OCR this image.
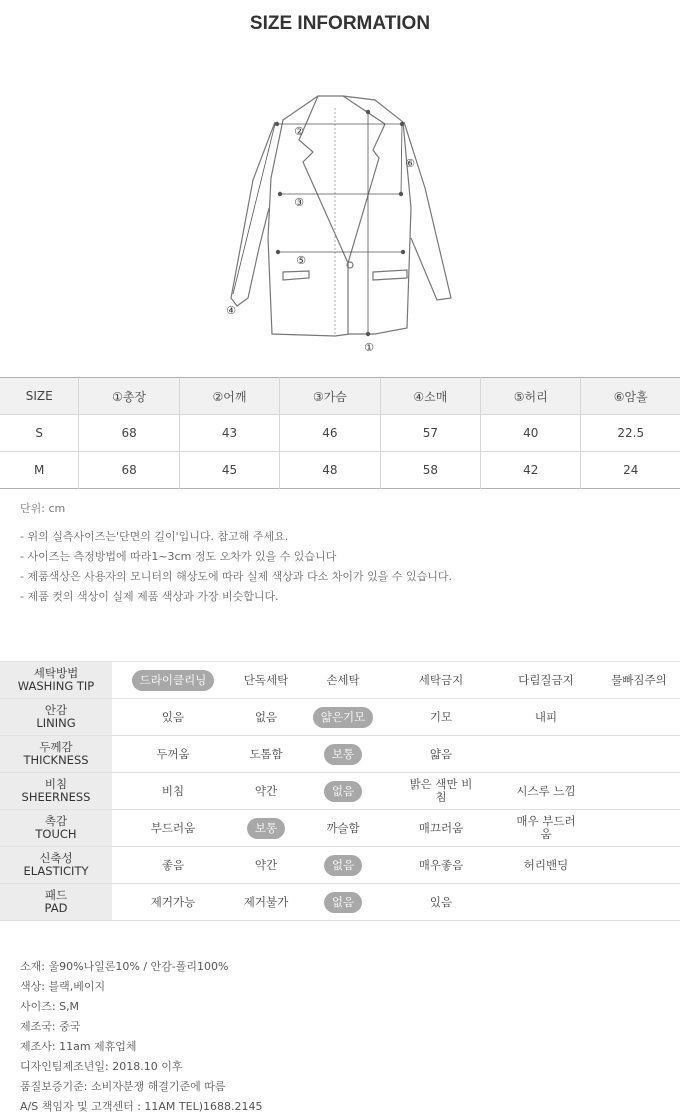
SIZE INFORMATION
②
③
⑤
⑥
④
①
SIZE	①총장	②어깨	③가슴	④소매	⑤허리	⑥암홀
S	68	43	46	57	40	22.5
M	68	45	48	58	42	24
단위: cm
- 위의 실측사이즈는'단면의 길이'입니다. 참고해 주세요.
- 사이즈는 측정방법에 따라1~3cm 정도 오차가 있을 수 있습니다
- 제품색상은 사용자의 모니터의 해상도에 따라 실제 색상과 다소 차이가 있을 수 있습니다.
- 제품 컷의 색상이 실제 제품 색상과 가장 비슷합니다.
세탁방법
WASHING TIP	드라이클리닝	단독세탁	손세탁	세탁금지	다림질금지	물빠짐주의
안감
LINING	있음	없음	얇은기모	기모	내피
두께감
THICKNESS	두꺼움	도톰함	보통	얇음
비침
SHEERNESS	비침	약간	없음	밝은 색만 비침	시스루 느낌
촉감
TOUCH	부드러움	보통	까슬함	매끄러움	매우 부드러움
신축성
ELASTICITY	좋음	약간	없음	매우좋음	허리밴딩
패드
PAD	제거가능	제거불가	없음	있음
소재: 울90%나일론10% / 안감-폴리100%
색상: 블랙,베이지
사이즈: S,M
제조국: 중국
제조사: 11am 제휴업체
디자인팀제조년일: 2018.10 이후
품질보증기준: 소비자분쟁 해결기준에 따름
A/S 책임자 및 고객센터 : 11AM TEL)1688.2145
